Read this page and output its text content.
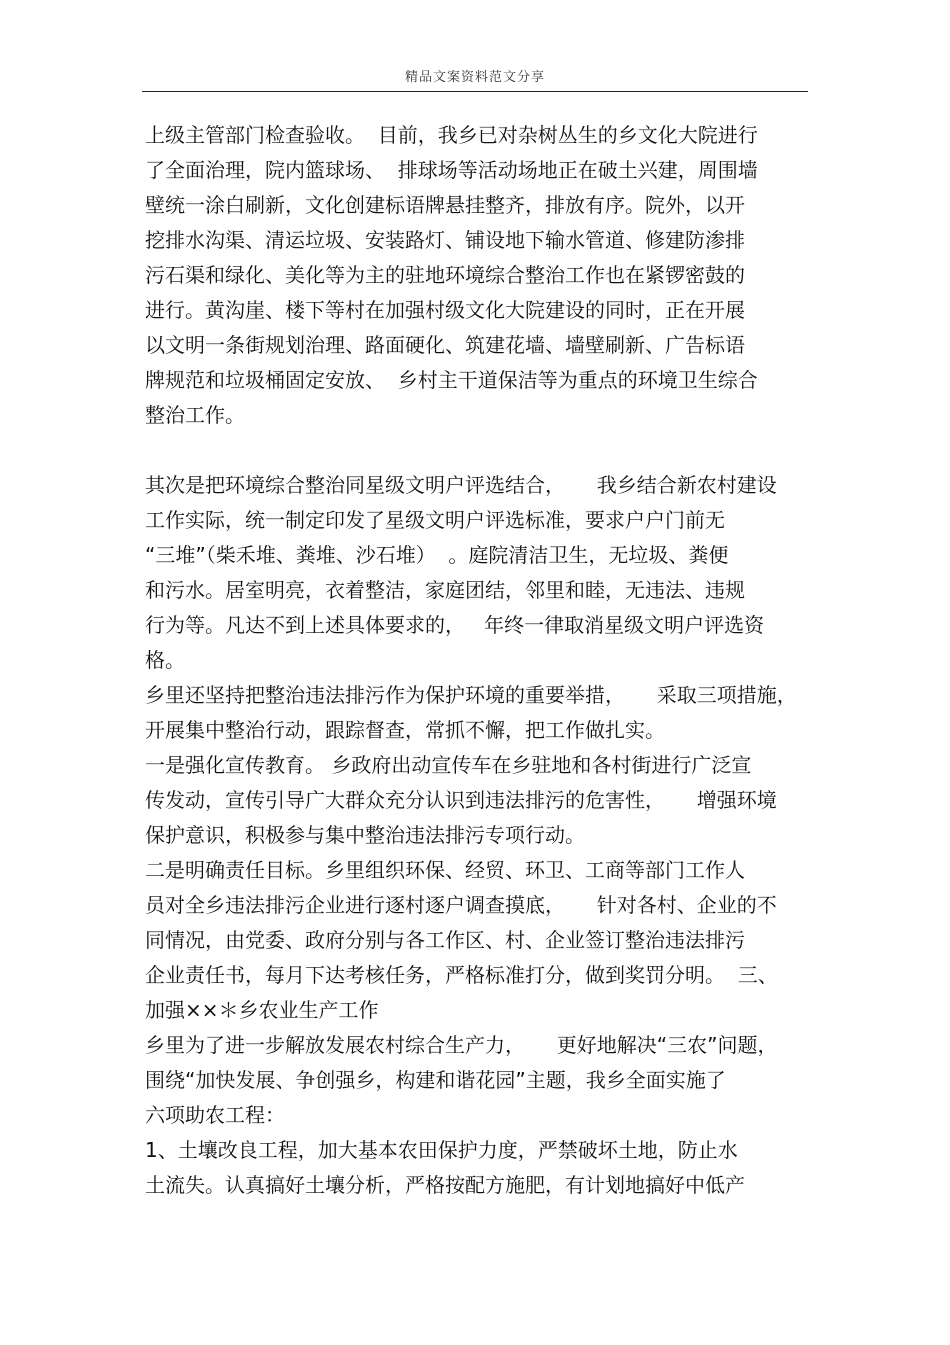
精品文案资料范文分享
上级主管部门检查验收。  目前，我乡已对杂树丛生的乡文化大院进行
了全面治理，院内篮球场、  排球场等活动场地正在破土兴建，周围墙
壁统一涂白刷新，文化创建标语牌悬挂整齐，排放有序。院外，以开
挖排水沟渠、清运垃圾、安装路灯、铺设地下输水管道、修建防渗排
污石渠和绿化、美化等为主的驻地环境综合整治工作也在紧锣密鼓的
进行。黄沟崖、楼下等村在加强村级文化大院建设的同时，正在开展
以文明一条街规划治理、路面硬化、筑建花墙、墙壁刷新、广告标语
牌规范和垃圾桶固定安放、  乡村主干道保洁等为重点的环境卫生综合
整治工作。
其次是把环境综合整治同星级文明户评选结合，     我乡结合新农村建设
工作实际，统一制定印发了星级文明户评选标准，要求户户门前无
“三堆”（柴禾堆、粪堆、沙石堆）  。庭院清洁卫生，无垃圾、粪便
和污水。居室明亮，衣着整洁，家庭团结，邻里和睦，无违法、违规
行为等。凡达不到上述具体要求的，   年终一律取消星级文明户评选资
格。
乡里还坚持把整治违法排污作为保护环境的重要举措，     采取三项措施，
开展集中整治行动，跟踪督查，常抓不懈，把工作做扎实。
一是强化宣传教育。 乡政府出动宣传车在乡驻地和各村街进行广泛宣
传发动，宣传引导广大群众充分认识到违法排污的危害性，     增强环境
保护意识，积极参与集中整治违法排污专项行动。
二是明确责任目标。乡里组织环保、经贸、环卫、工商等部门工作人
员对全乡违法排污企业进行逐村逐户调查摸底，     针对各村、企业的不
同情况，由党委、政府分别与各工作区、村、企业签订整治违法排污
企业责任书，每月下达考核任务，严格标准打分，做到奖罚分明。  三、
加强××＊乡农业生产工作
乡里为了进一步解放发展农村综合生产力，     更好地解决“三农”问题，
围绕“加快发展、争创强乡，构建和谐花园”主题，我乡全面实施了
六项助农工程：
1、土壤改良工程，加大基本农田保护力度，严禁破坏土地，防止水
土流失。认真搞好土壤分析，严格按配方施肥，有计划地搞好中低产
